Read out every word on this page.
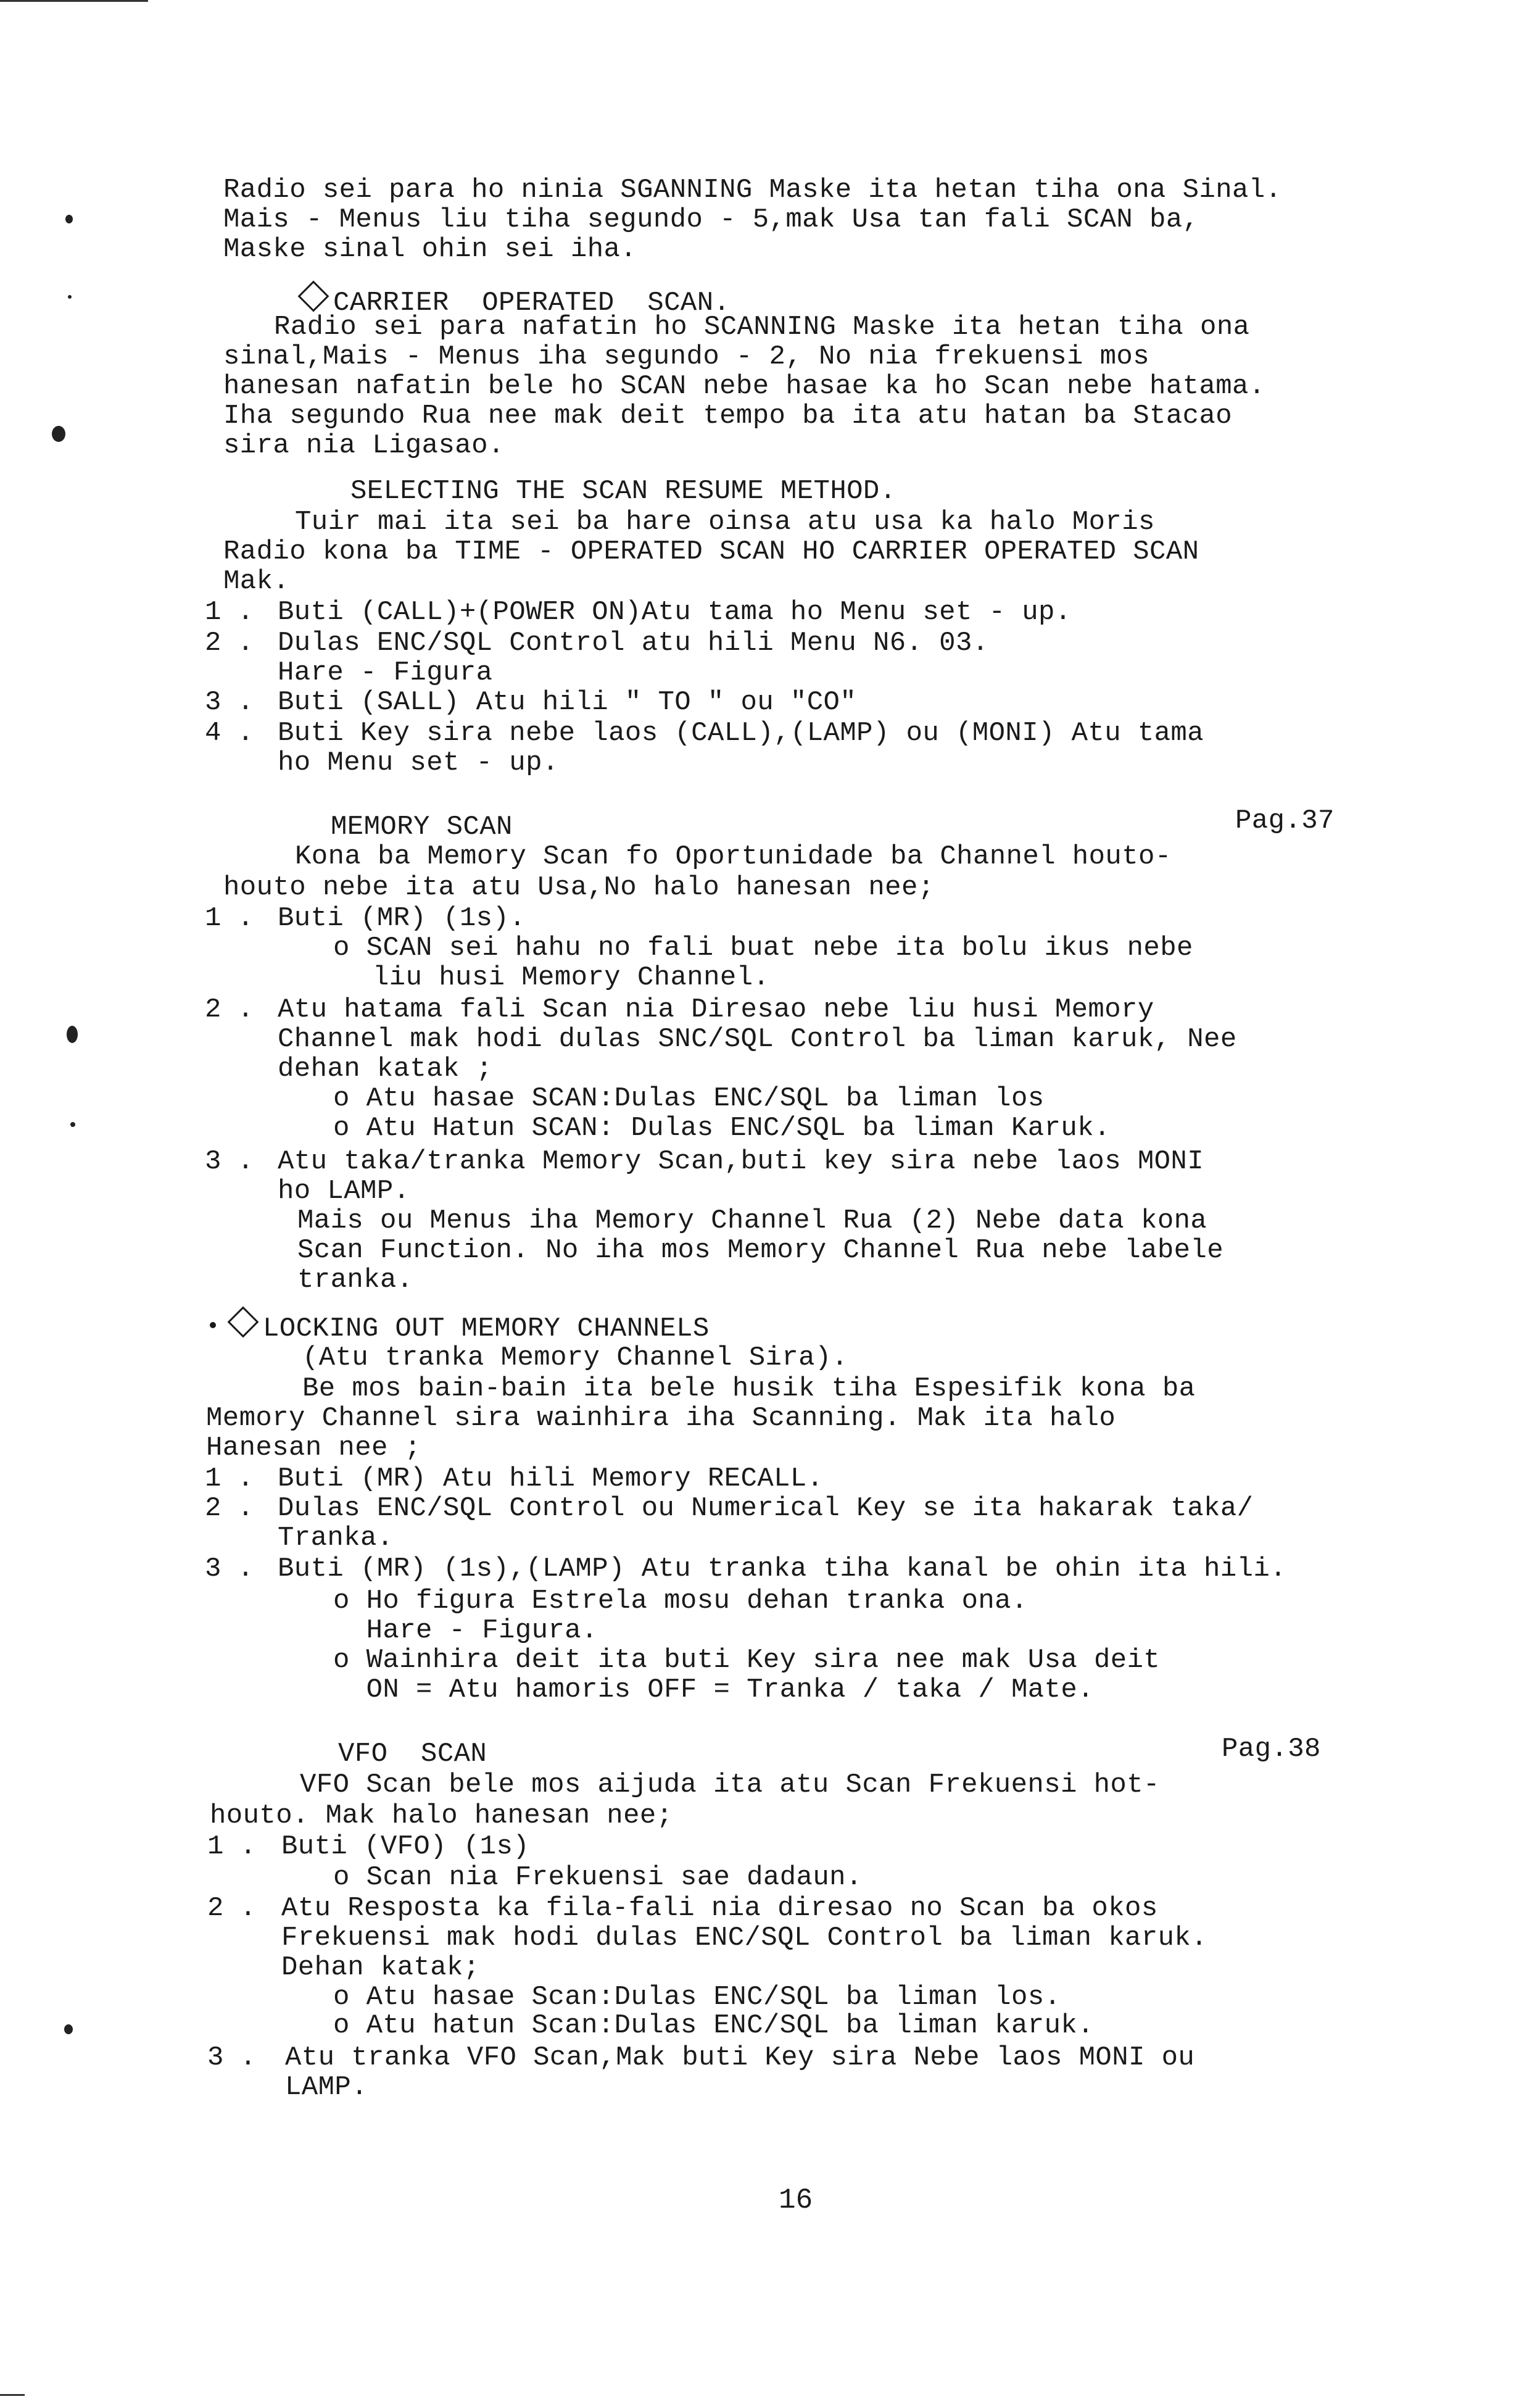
Radio sei para ho ninia SGANNING Maske ita hetan tiha ona Sinal.
Mais - Menus liu tiha segundo - 5,mak Usa tan fali SCAN ba,
Maske sinal ohin sei iha.
CARRIER  OPERATED  SCAN.
Radio sei para nafatin ho SCANNING Maske ita hetan tiha ona
sinal,Mais - Menus iha segundo - 2, No nia frekuensi mos
hanesan nafatin bele ho SCAN nebe hasae ka ho Scan nebe hatama.
Iha segundo Rua nee mak deit tempo ba ita atu hatan ba Stacao
sira nia Ligasao.
SELECTING THE SCAN RESUME METHOD.
Tuir mai ita sei ba hare oinsa atu usa ka halo Moris
Radio kona ba TIME - OPERATED SCAN HO CARRIER OPERATED SCAN
Mak.
1 . Buti (CALL)+(POWER ON)Atu tama ho Menu set - up.
2 . Dulas ENC/SQL Control atu hili Menu N6. 03.
Hare - Figura
3 . Buti (SALL) Atu hili " TO " ou "CO"
4 . Buti Key sira nebe laos (CALL),(LAMP) ou (MONI) Atu tama
ho Menu set - up.
MEMORY SCAN	Pag.37
Kona ba Memory Scan fo Oportunidade ba Channel houto-
houto nebe ita atu Usa,No halo hanesan nee;
1 . Buti (MR) (1s).
o SCAN sei hahu no fali buat nebe ita bolu ikus nebe
liu husi Memory Channel.
2 . Atu hatama fali Scan nia Diresao nebe liu husi Memory
Channel mak hodi dulas SNC/SQL Control ba liman karuk, Nee
dehan katak ;
o Atu hasae SCAN:Dulas ENC/SQL ba liman los
o Atu Hatun SCAN: Dulas ENC/SQL ba liman Karuk.
3 . Atu taka/tranka Memory Scan,buti key sira nebe laos MONI
ho LAMP.
Mais ou Menus iha Memory Channel Rua (2) Nebe data kona
Scan Function. No iha mos Memory Channel Rua nebe labele
tranka.
LOCKING OUT MEMORY CHANNELS
(Atu tranka Memory Channel Sira).
Be mos bain-bain ita bele husik tiha Espesifik kona ba
Memory Channel sira wainhira iha Scanning. Mak ita halo
Hanesan nee ;
1 . Buti (MR) Atu hili Memory RECALL.
2 . Dulas ENC/SQL Control ou Numerical Key se ita hakarak taka/
Tranka.
3 . Buti (MR) (1s),(LAMP) Atu tranka tiha kanal be ohin ita hili.
o Ho figura Estrela mosu dehan tranka ona.
Hare - Figura.
o Wainhira deit ita buti Key sira nee mak Usa deit
ON = Atu hamoris OFF = Tranka / taka / Mate.
VFO  SCAN	Pag.38
VFO Scan bele mos aijuda ita atu Scan Frekuensi hot-
houto. Mak halo hanesan nee;
1 . Buti (VFO) (1s)
o Scan nia Frekuensi sae dadaun.
2 . Atu Resposta ka fila-fali nia diresao no Scan ba okos
Frekuensi mak hodi dulas ENC/SQL Control ba liman karuk.
Dehan katak;
o Atu hasae Scan:Dulas ENC/SQL ba liman los.
o Atu hatun Scan:Dulas ENC/SQL ba liman karuk.
3 . Atu tranka VFO Scan,Mak buti Key sira Nebe laos MONI ou
LAMP.
16
